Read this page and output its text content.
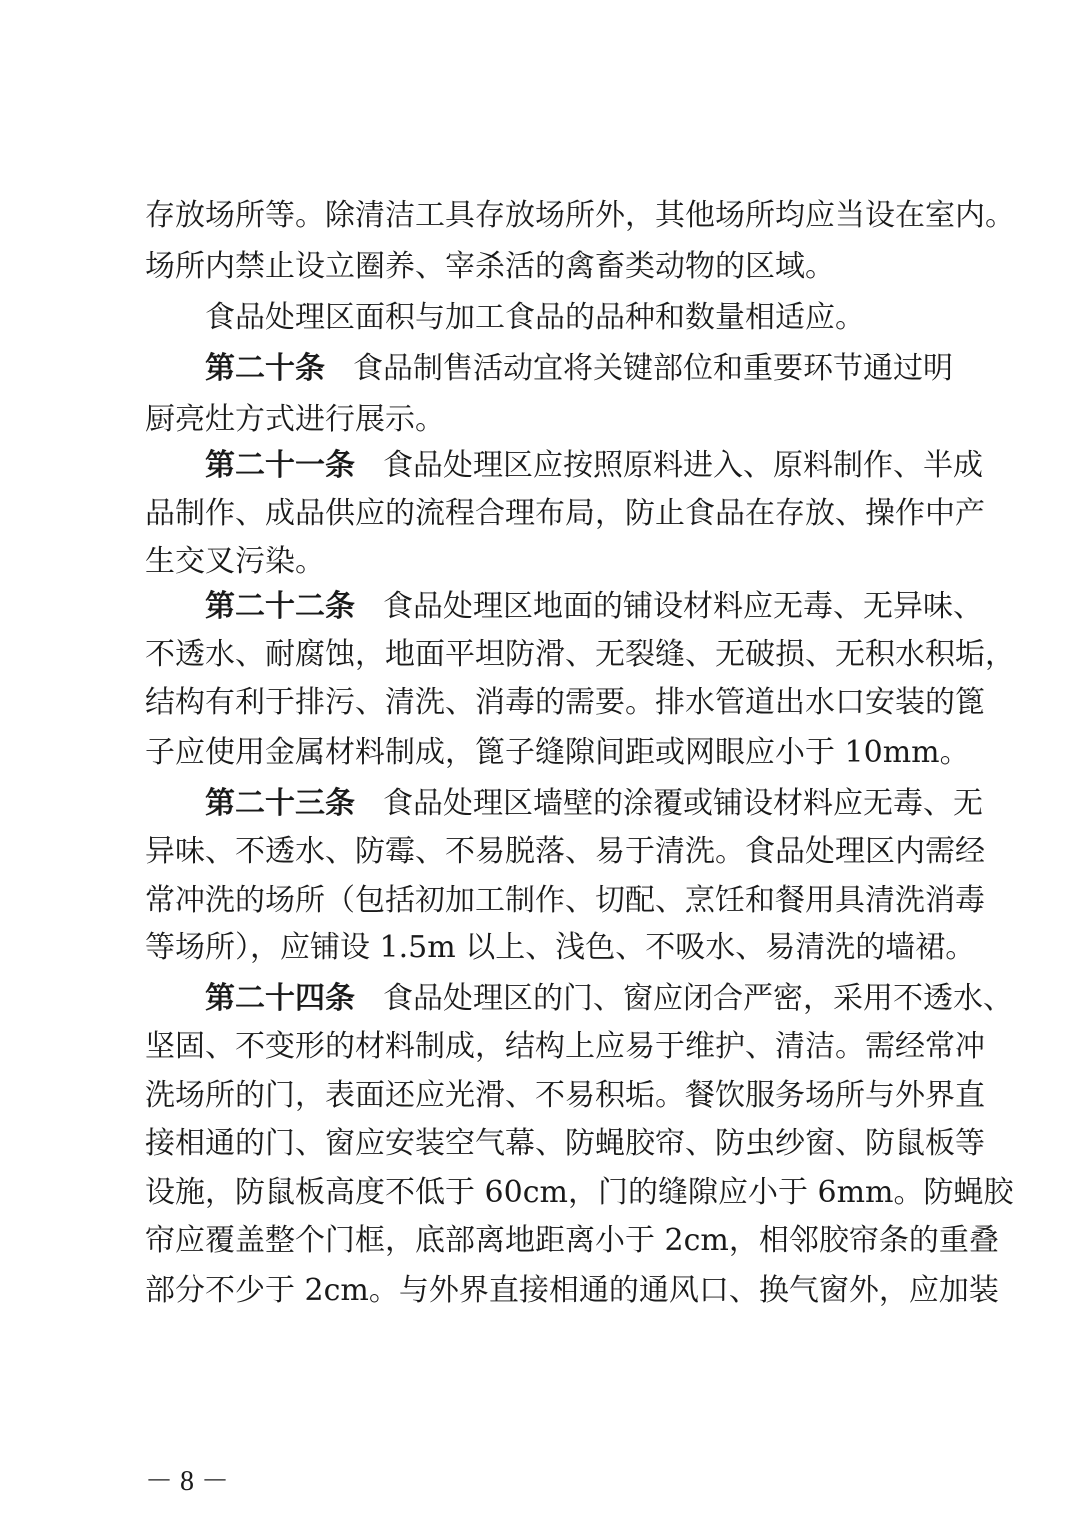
存放场所等。除清洁工具存放场所外，其他场所均应当设在室内。
场所内禁止设立圈养、宰杀活的禽畜类动物的区域。
食品处理区面积与加工食品的品种和数量相适应。
第二十条 食品制售活动宜将关键部位和重要环节通过明
厨亮灶方式进行展示。
第二十一条 食品处理区应按照原料进入、原料制作、半成
品制作、成品供应的流程合理布局，防止食品在存放、操作中产
生交叉污染。
第二十二条 食品处理区地面的铺设材料应无毒、无异味、
不透水、耐腐蚀，地面平坦防滑、无裂缝、无破损、无积水积垢，
结构有利于排污、清洗、消毒的需要。排水管道出水口安装的篦
子应使用金属材料制成，篦子缝隙间距或网眼应小于 10mm。
第二十三条 食品处理区墙壁的涂覆或铺设材料应无毒、无
异味、不透水、防霉、不易脱落、易于清洗。食品处理区内需经
常冲洗的场所（包括初加工制作、切配、烹饪和餐用具清洗消毒
等场所），应铺设 1.5m 以上、浅色、不吸水、易清洗的墙裙。
第二十四条 食品处理区的门、窗应闭合严密，采用不透水、
坚固、不变形的材料制成，结构上应易于维护、清洁。需经常冲
洗场所的门，表面还应光滑、不易积垢。餐饮服务场所与外界直
接相通的门、窗应安装空气幕、防蝇胶帘、防虫纱窗、防鼠板等
设施，防鼠板高度不低于 60cm，门的缝隙应小于 6mm。防蝇胶
帘应覆盖整个门框，底部离地距离小于 2cm，相邻胶帘条的重叠
部分不少于 2cm。与外界直接相通的通风口、换气窗外，应加装
－ 8 －
